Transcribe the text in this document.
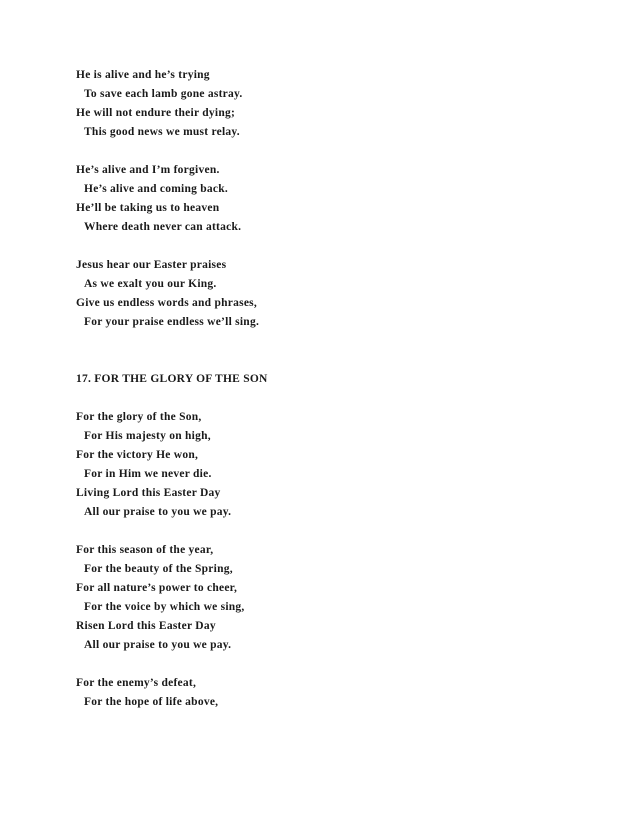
He is alive and he’s trying
To save each lamb gone astray.
He will not endure their dying;
This good news we must relay.
He’s alive and I’m forgiven.
He’s alive and coming back.
He’ll be taking us to heaven
Where death never can attack.
Jesus hear our Easter praises
As we exalt you our King.
Give us endless words and phrases,
For your praise endless we’ll sing.
17. FOR THE GLORY OF THE SON
For the glory of the Son,
For His majesty on high,
For the victory He won,
For in Him we never die.
Living Lord this Easter Day
All our praise to you we pay.
For this season of the year,
For the beauty of the Spring,
For all nature’s power to cheer,
For the voice by which we sing,
Risen Lord this Easter Day
All our praise to you we pay.
For the enemy’s defeat,
For the hope of life above,
